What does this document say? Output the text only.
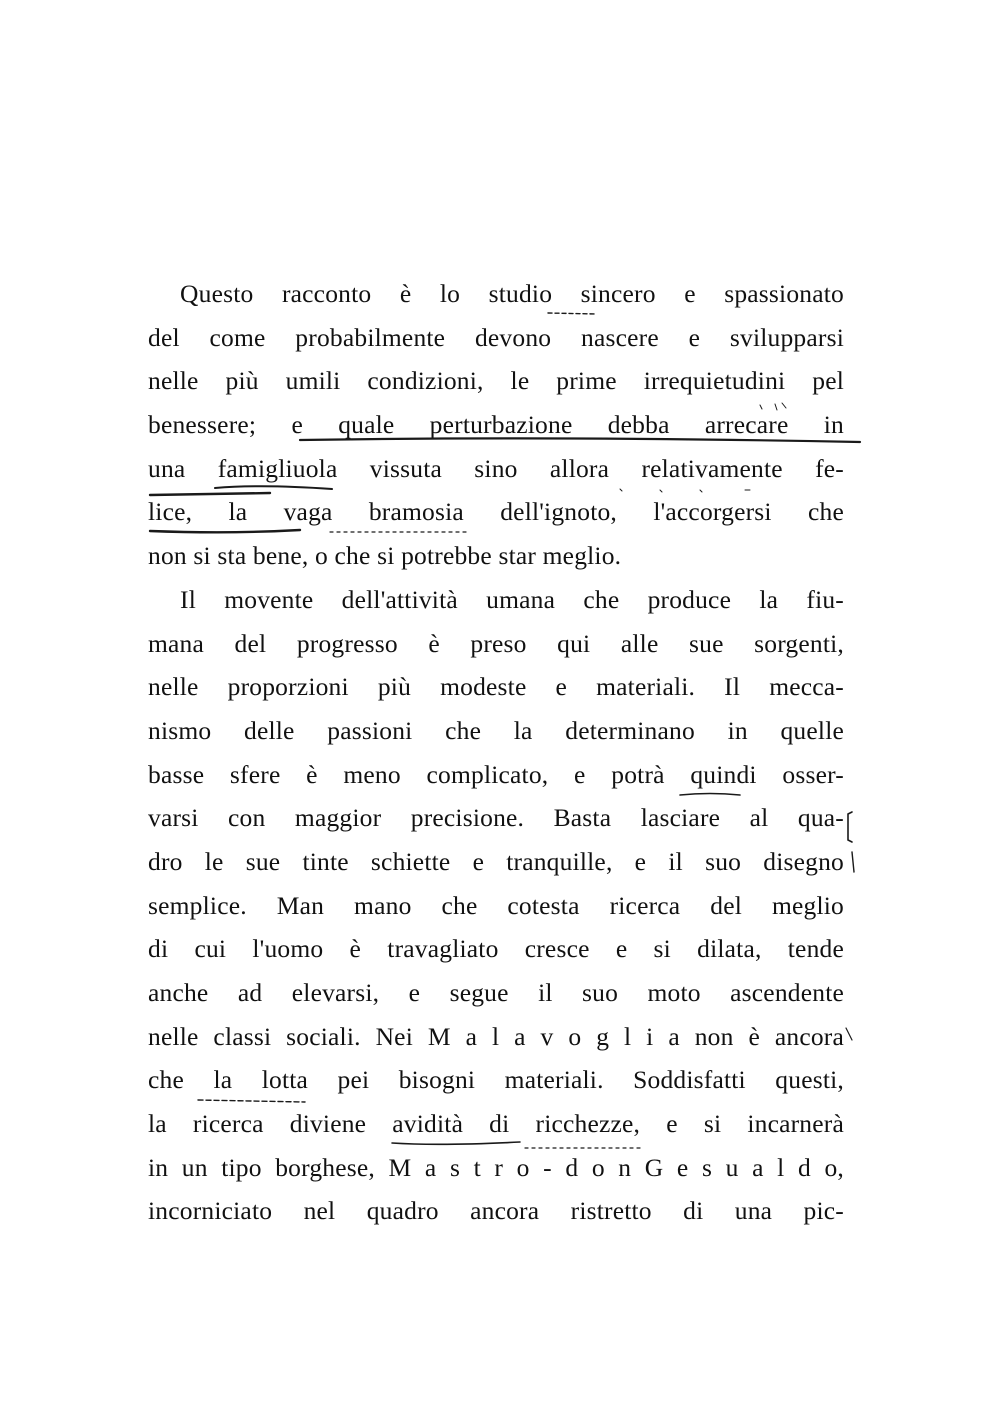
Questo racconto è lo studio sincero e spassionato
del come probabilmente devono nascere e svilupparsi
nelle più umili condizioni, le prime irrequietudini pel
benessere; e quale perturbazione debba arrecare in
una famigliuola vissuta sino allora relativamente fe-
lice, la vaga bramosia dell'ignoto, l'accorgersi che
non si sta bene, o che si potrebbe star meglio.
Il movente dell'attività umana che produce la fiu-
mana del progresso è preso qui alle sue sorgenti,
nelle proporzioni più modeste e materiali. Il mecca-
nismo delle passioni che la determinano in quelle
basse sfere è meno complicato, e potrà quindi osser-
varsi con maggior precisione. Basta lasciare al qua-
dro le sue tinte schiette e tranquille, e il suo disegno
semplice. Man mano che cotesta ricerca del meglio
di cui l'uomo è travagliato cresce e si dilata, tende
anche ad elevarsi, e segue il suo moto ascendente
nelle classi sociali. Nei M a l a v o g l i a non è ancora
che la lotta pei bisogni materiali. Soddisfatti questi,
la ricerca diviene avidità di ricchezze, e si incarnerà
in un tipo borghese, M a s t r o - d o n G e s u a l d o,
incorniciato nel quadro ancora ristretto di una pic-
